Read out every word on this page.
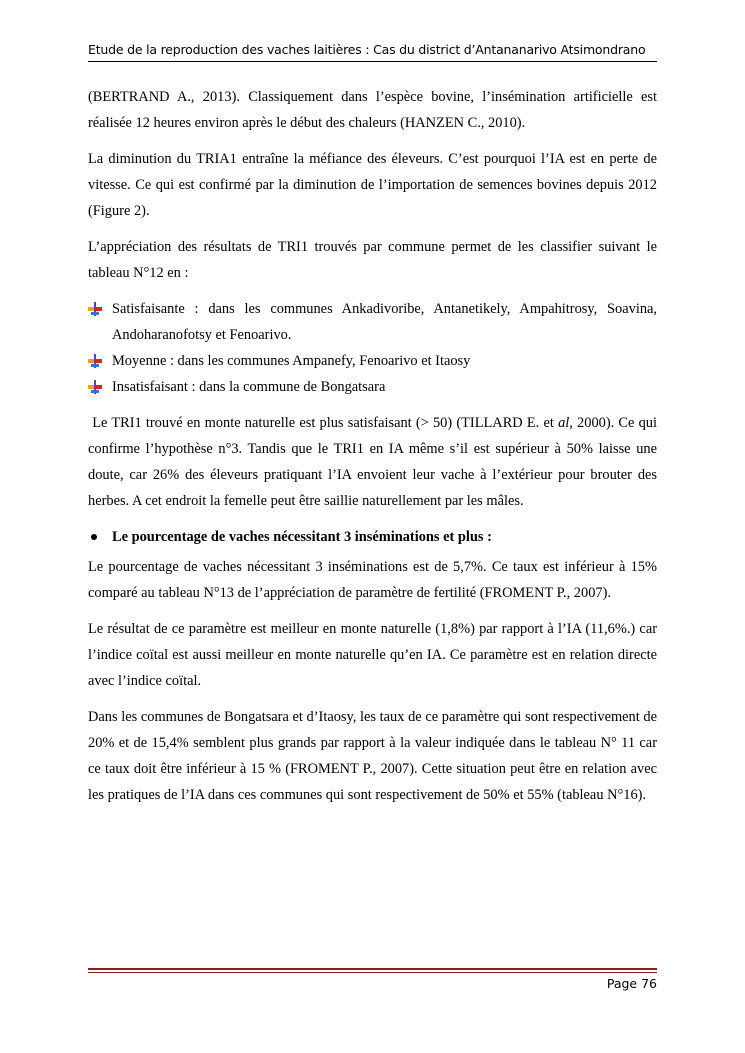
Etude de la reproduction des vaches laitières : Cas du district d’Antananarivo Atsimondrano

(BERTRAND A., 2013). Classiquement dans l’espèce bovine, l’insémination artificielle est réalisée 12 heures environ après le début des chaleurs (HANZEN C., 2010).

La diminution du TRIA1 entraîne la méfiance des éleveurs. C’est pourquoi l’IA est en perte de vitesse. Ce qui est confirmé par la diminution de l’importation de semences bovines depuis 2012 (Figure 2).

L’appréciation des résultats de TRI1 trouvés par commune permet de les classifier suivant le tableau N°12 en :

Satisfaisante : dans les communes Ankadivoribe, Antanetikely, Ampahitrosy, Soavina, Andoharanofotsy et Fenoarivo.
Moyenne : dans les communes Ampanefy, Fenoarivo et Itaosy
Insatisfaisant : dans la commune de Bongatsara

Le TRI1 trouvé en monte naturelle est plus satisfaisant (> 50) (TILLARD E. et al, 2000). Ce qui confirme l’hypothèse n°3. Tandis que le TRI1 en IA même s’il est supérieur à 50% laisse une doute, car 26% des éleveurs pratiquant l’IA envoient leur vache à l’extérieur pour brouter des herbes. A cet endroit la femelle peut être saillie naturellement par les mâles.

Le pourcentage de vaches nécessitant 3 inséminations et plus :

Le pourcentage de vaches nécessitant 3 inséminations est de 5,7%. Ce taux est inférieur à 15% comparé au tableau N°13 de l’appréciation de paramètre de fertilité (FROMENT P., 2007).

Le résultat de ce paramètre est meilleur en monte naturelle (1,8%) par rapport à l’IA (11,6%.) car l’indice coïtal est aussi meilleur en monte naturelle qu’en IA. Ce paramètre est en relation directe avec l’indice coïtal.

Dans les communes de Bongatsara et d’Itaosy, les taux de ce paramètre qui sont respectivement de 20% et de 15,4% semblent plus grands par rapport à la valeur indiquée dans le tableau N° 11 car ce taux doit être inférieur à 15 % (FROMENT P., 2007). Cette situation peut être en relation avec les pratiques de l’IA dans ces communes qui sont respectivement de 50% et 55% (tableau N°16).

Page 76
